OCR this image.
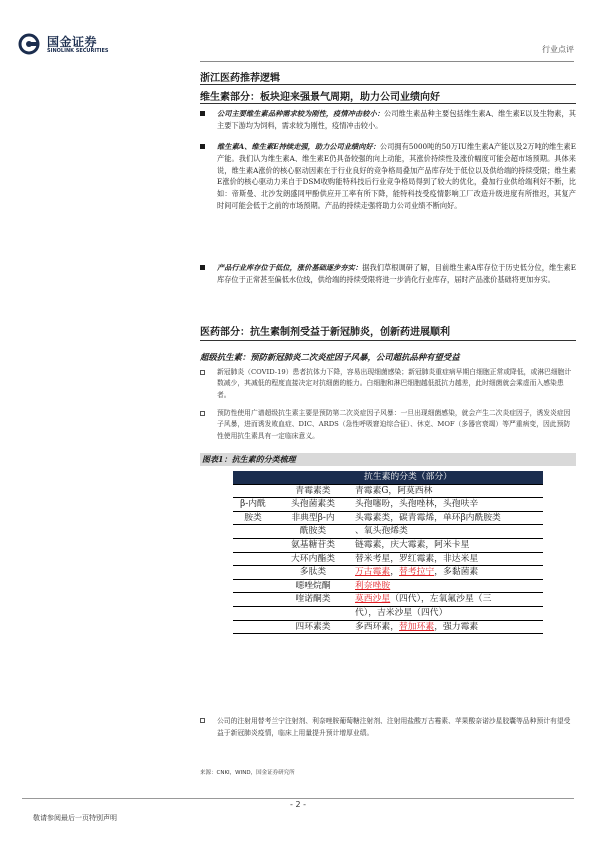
国金证券
SINOLINK SECURITIES	行业点评
浙江医药推荐逻辑
维生素部分：板块迎来强景气周期，助力公司业绩向好
公司主要维生素品种需求较为刚性，疫情冲击较小：公司维生素品种主要包括维生素A、维生素E以及生物素，其主要下游均为饲料，需求较为刚性，疫情冲击较小。
维生素A、维生素E持续走强，助力公司业绩向好：公司拥有5000吨的50万IU维生素A产能以及2万吨的维生素E产能。我们认为维生素A、维生素E仍具备较强的向上动能，其涨价持续性及涨价幅度可能会超市场预期。具体来说，维生素A涨价的核心驱动因素在于行业良好的竞争格局叠加产品库存处于低位以及供给端的持续受限；维生素E涨价的核心驱动力来自于DSM收购能特科技后行业竞争格局得到了较大的优化，叠加行业供给端利好不断，比如：帝斯曼、北沙发朗盛同甲酚供应开工率有所下降，能特科技受疫情影响工厂改造升级进度有所推迟，其复产时间可能会低于之前的市场预期。产品的持续走强将助力公司业绩不断向好。
产品行业库存位于低位，涨价基础逐步夯实：据我们草根调研了解，目前维生素A库存位于历史低分位，维生素E库存位于正常甚至偏低水位线，供给端的持续受限将进一步消化行业库存，届时产品涨价基础将更加夯实。
医药部分：抗生素制剂受益于新冠肺炎，创新药进展顺利
超级抗生素：预防新冠肺炎二次炎症因子风暴，公司超抗品种有望受益
新冠肺炎（COVID-19）患者抗体力下降，容易出现细菌感染；新冠肺炎重症病早期白细胞正常或降低，或淋巴细胞计数减少，其减低的程度直接决定对抗细菌的能力。白细胞和淋巴细胞越低抵抗力越差，此时细菌就会乘虚而入感染患者。
预防性使用广谱超级抗生素主要是预防第二次炎症因子风暴：一旦出现细菌感染，就会产生二次炎症因子，诱发炎症因子风暴，进而诱发败血症、DIC、ARDS（急性呼吸窘迫综合征）、休克、MOF（多器官衰竭）等严重病变，因此预防性使用抗生素具有一定临床意义。
图表1：抗生素的分类梳理
	抗生素的分类（部分）	
	青霉素类	青霉素G，阿莫西林
β-内酰	头孢菌素类	头孢噻吩，头孢唑林，头孢呋辛
胺类	非典型β-内	头霉素类，碳青霉烯，单环β内酰胺类
	酰胺类	、氧头孢烯类
	氨基糖苷类	链霉素，庆大霉素，阿米卡星
	大环内酯类	替米考星，罗红霉素，非达米星
	多肽类	万古霉素，替考拉宁，多黏菌素
	噁唑烷酮	利奈唑胺
	喹诺酮类	莫西沙星（四代），左氧氟沙星（三
		代），吉米沙星（四代）
	四环素类	多西环素，替加环素，强力霉素
来源：CNKI，WIND，国金证券研究所
公司的注射用替考兰宁注射剂、利奈唑胺葡萄糖注射剂、注射用盐酸万古霉素、苹果酸奈诺沙星胶囊等品种预计有望受益于新冠肺炎疫情，临床上用量提升预计增厚业绩。
- 2 -
敬请参阅最后一页特别声明
